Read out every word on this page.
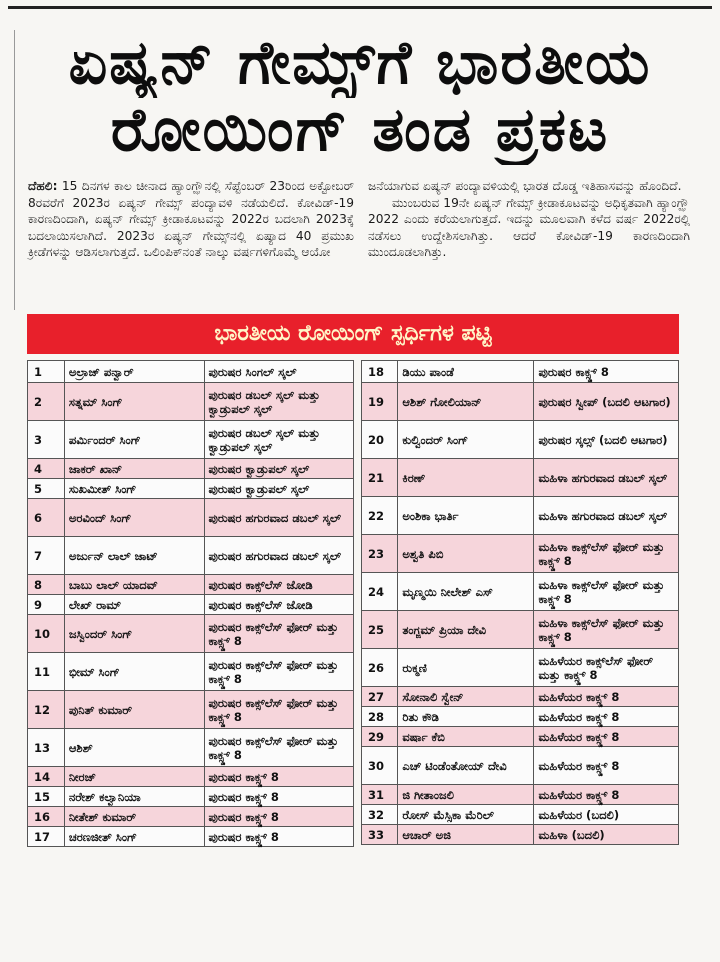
ಏಷ್ಯನ್ ಗೇಮ್ಸ್‌ಗೆ ಭಾರತೀಯ
ರೋಯಿಂಗ್ ತಂಡ ಪ್ರಕಟ
ದೆಹಲಿ: 15 ದಿನಗಳ ಕಾಲ ಚೀನಾದ ಹ್ಯಾಂಗ್ಝೌನಲ್ಲಿ ಸೆಪ್ಟೆಂಬರ್ 23ರಿಂದ ಅಕ್ಟೋಬರ್ 8ರವರೆಗೆ 2023ರ ಏಷ್ಯನ್ ಗೇಮ್ಸ್ ಪಂದ್ಯಾವಳಿ ನಡೆಯಲಿದೆ. ಕೋವಿಡ್-19 ಕಾರಣದಿಂದಾಗಿ, ಏಷ್ಯನ್ ಗೇಮ್ಸ್ ಕ್ರೀಡಾಕೂಟವನ್ನು 2022ರ ಬದಲಾಗಿ 2023ಕ್ಕೆ ಬದಲಾಯಿಸಲಾಗಿದೆ. 2023ರ ಏಷ್ಯನ್ ಗೇಮ್ಸ್‌ನಲ್ಲಿ ಏಷ್ಯಾದ 40 ಪ್ರಮುಖ ಕ್ರೀಡೆಗಳನ್ನು ಆಡಿಸಲಾಗುತ್ತದೆ. ಒಲಿಂಪಿಕ್‌ನಂತೆ ನಾಲ್ಕು ವರ್ಷಗಳಿಗೊಮ್ಮೆ ಆಯೋ

ಜನೆಯಾಗುವ ಏಷ್ಯನ್ ಪಂದ್ಯಾವಳಿಯಲ್ಲಿ ಭಾರತ ದೊಡ್ಡ ಇತಿಹಾಸವನ್ನು ಹೊಂದಿದೆ.

ಮುಂಬರುವ 19ನೇ ಏಷ್ಯನ್ ಗೇಮ್ಸ್ ಕ್ರೀಡಾಕೂಟವನ್ನು ಅಧಿಕೃತವಾಗಿ ಹ್ಯಾಂಗ್ಝೌ 2022 ಎಂದು ಕರೆಯಲಾಗುತ್ತದೆ. ಇದನ್ನು ಮೂಲವಾಗಿ ಕಳೆದ ವರ್ಷ 2022ರಲ್ಲಿ ನಡೆಸಲು ಉದ್ದೇಶಿಸಲಾಗಿತ್ತು. ಆದರೆ ಕೋವಿಡ್-19 ಕಾರಣದಿಂದಾಗಿ ಮುಂದೂಡಲಾಗಿತ್ತು.

ಭಾರತೀಯ ರೋಯಿಂಗ್ ಸ್ಪರ್ಧಿಗಳ ಪಟ್ಟಿ
1	ಅಲ್ರಾಜ್ ಪನ್ವಾರ್	ಪುರುಷರ ಸಿಂಗಲ್ ಸ್ಕಲ್
2	ಸತ್ನಮ್ ಸಿಂಗ್	ಪುರುಷರ ಡಬಲ್ ಸ್ಕಲ್ ಮತ್ತು ಕ್ವಾಡ್ರುಪಲ್ ಸ್ಕಲ್
3	ಪರ್ಮಿಂದರ್ ಸಿಂಗ್	ಪುರುಷರ ಡಬಲ್ ಸ್ಕಲ್ ಮತ್ತು ಕ್ವಾಡ್ರುಪಲ್ ಸ್ಕಲ್
4	ಜಾಕರ್ ಖಾನ್	ಪುರುಷರ ಕ್ವಾಡ್ರುಪಲ್ ಸ್ಕಲ್
5	ಸುಖಮೀತ್ ಸಿಂಗ್	ಪುರುಷರ ಕ್ವಾಡ್ರುಪಲ್ ಸ್ಕಲ್
6	ಅರವಿಂದ್ ಸಿಂಗ್	ಪುರುಷರ ಹಗುರವಾದ ಡಬಲ್ ಸ್ಕಲ್
7	ಅರ್ಜುನ್ ಲಾಲ್ ಜಾಟ್	ಪುರುಷರ ಹಗುರವಾದ ಡಬಲ್ ಸ್ಕಲ್
8	ಬಾಬು ಲಾಲ್ ಯಾದವ್	ಪುರುಷರ ಕಾಕ್ಸ್‌ಲೆಸ್ ಜೋಡಿ
9	ಲೇಖ್ ರಾಮ್	ಪುರುಷರ ಕಾಕ್ಸ್‌ಲೆಸ್ ಜೋಡಿ
10	ಜಸ್ವಿಂದರ್ ಸಿಂಗ್	ಪುರುಷರ ಕಾಕ್ಸ್‌ಲೆಸ್ ಫೋರ್ ಮತ್ತು ಕಾಕ್ಸ್ಡ್ 8
11	ಭೀಮ್ ಸಿಂಗ್	ಪುರುಷರ ಕಾಕ್ಸ್‌ಲೆಸ್ ಫೋರ್ ಮತ್ತು ಕಾಕ್ಸ್ಡ್ 8
12	ಪುನಿತ್ ಕುಮಾರ್	ಪುರುಷರ ಕಾಕ್ಸ್‌ಲೆಸ್ ಫೋರ್ ಮತ್ತು ಕಾಕ್ಸ್ಡ್ 8
13	ಆಶಿಶ್	ಪುರುಷರ ಕಾಕ್ಸ್‌ಲೆಸ್ ಫೋರ್ ಮತ್ತು ಕಾಕ್ಸ್ಡ್ 8
14	ನೀರಜ್	ಪುರುಷರ ಕಾಕ್ಸ್ಡ್ 8
15	ನರೇಶ್ ಕಲ್ವಾನಿಯಾ	ಪುರುಷರ ಕಾಕ್ಸ್ಡ್ 8
16	ನೀತೇಶ್ ಕುಮಾರ್	ಪುರುಷರ ಕಾಕ್ಸ್ಡ್ 8
17	ಚರಣಜೀತ್ ಸಿಂಗ್	ಪುರುಷರ ಕಾಕ್ಸ್ಡ್ 8
18	ಡಿಯು ಪಾಂಡೆ	ಪುರುಷರ ಕಾಕ್ಸ್ಡ್ 8
19	ಆಶಿಶ್ ಗೋಲಿಯಾನ್	ಪುರುಷರ ಸ್ವೀಪ್ (ಬದಲಿ ಆಟಗಾರ)
20	ಕುಲ್ವಿಂದರ್ ಸಿಂಗ್	ಪುರುಷರ ಸ್ಕಲ್ಸ್ (ಬದಲಿ ಆಟಗಾರ)
21	ಕಿರಣ್	ಮಹಿಳಾ ಹಗುರವಾದ ಡಬಲ್ ಸ್ಕಲ್
22	ಅಂಶಿಕಾ ಭಾರ್ತಿ	ಮಹಿಳಾ ಹಗುರವಾದ ಡಬಲ್ ಸ್ಕಲ್
23	ಅಶ್ವತಿ ಪಿಬಿ	ಮಹಿಳಾ ಕಾಕ್ಸ್‌ಲೆಸ್ ಫೋರ್ ಮತ್ತು ಕಾಕ್ಸ್ಡ್ 8
24	ಮೃಣ್ಮಯಿ ನೀಲೇಶ್ ಎಸ್	ಮಹಿಳಾ ಕಾಕ್ಸ್‌ಲೆಸ್ ಫೋರ್ ಮತ್ತು ಕಾಕ್ಸ್ಡ್ 8
25	ತಂಗ್ಜಮ್ ಪ್ರಿಯಾ ದೇವಿ	ಮಹಿಳಾ ಕಾಕ್ಸ್‌ಲೆಸ್ ಫೋರ್ ಮತ್ತು ಕಾಕ್ಸ್ಡ್ 8
26	ರುಕ್ಮಣಿ	ಮಹಿಳೆಯರ ಕಾಕ್ಸ್‌ಲೆಸ್ ಫೋರ್ ಮತ್ತು ಕಾಕ್ಸ್ಡ್ 8
27	ಸೋನಾಲಿ ಸ್ವೇನ್	ಮಹಿಳೆಯರ ಕಾಕ್ಸ್ಡ್ 8
28	ರಿತು ಕೌಡಿ	ಮಹಿಳೆಯರ ಕಾಕ್ಸ್ಡ್ 8
29	ವರ್ಷಾ ಕೆಬಿ	ಮಹಿಳೆಯರ ಕಾಕ್ಸ್ಡ್ 8
30	ಎಚ್ ಟಿಂಡೆಂತೋಯ್ ದೇವಿ	ಮಹಿಳೆಯರ ಕಾಕ್ಸ್ಡ್ 8
31	ಜಿ ಗೀತಾಂಜಲಿ	ಮಹಿಳೆಯರ ಕಾಕ್ಸ್ಡ್ 8
32	ರೋಸ್ ಮೆಸ್ಸಿಕಾ ಮೆರಿಲ್	ಮಹಿಳೆಯರ (ಬದಲಿ)
33	ಆಚಾರ್ ಅಜಿ	ಮಹಿಳಾ (ಬದಲಿ)
